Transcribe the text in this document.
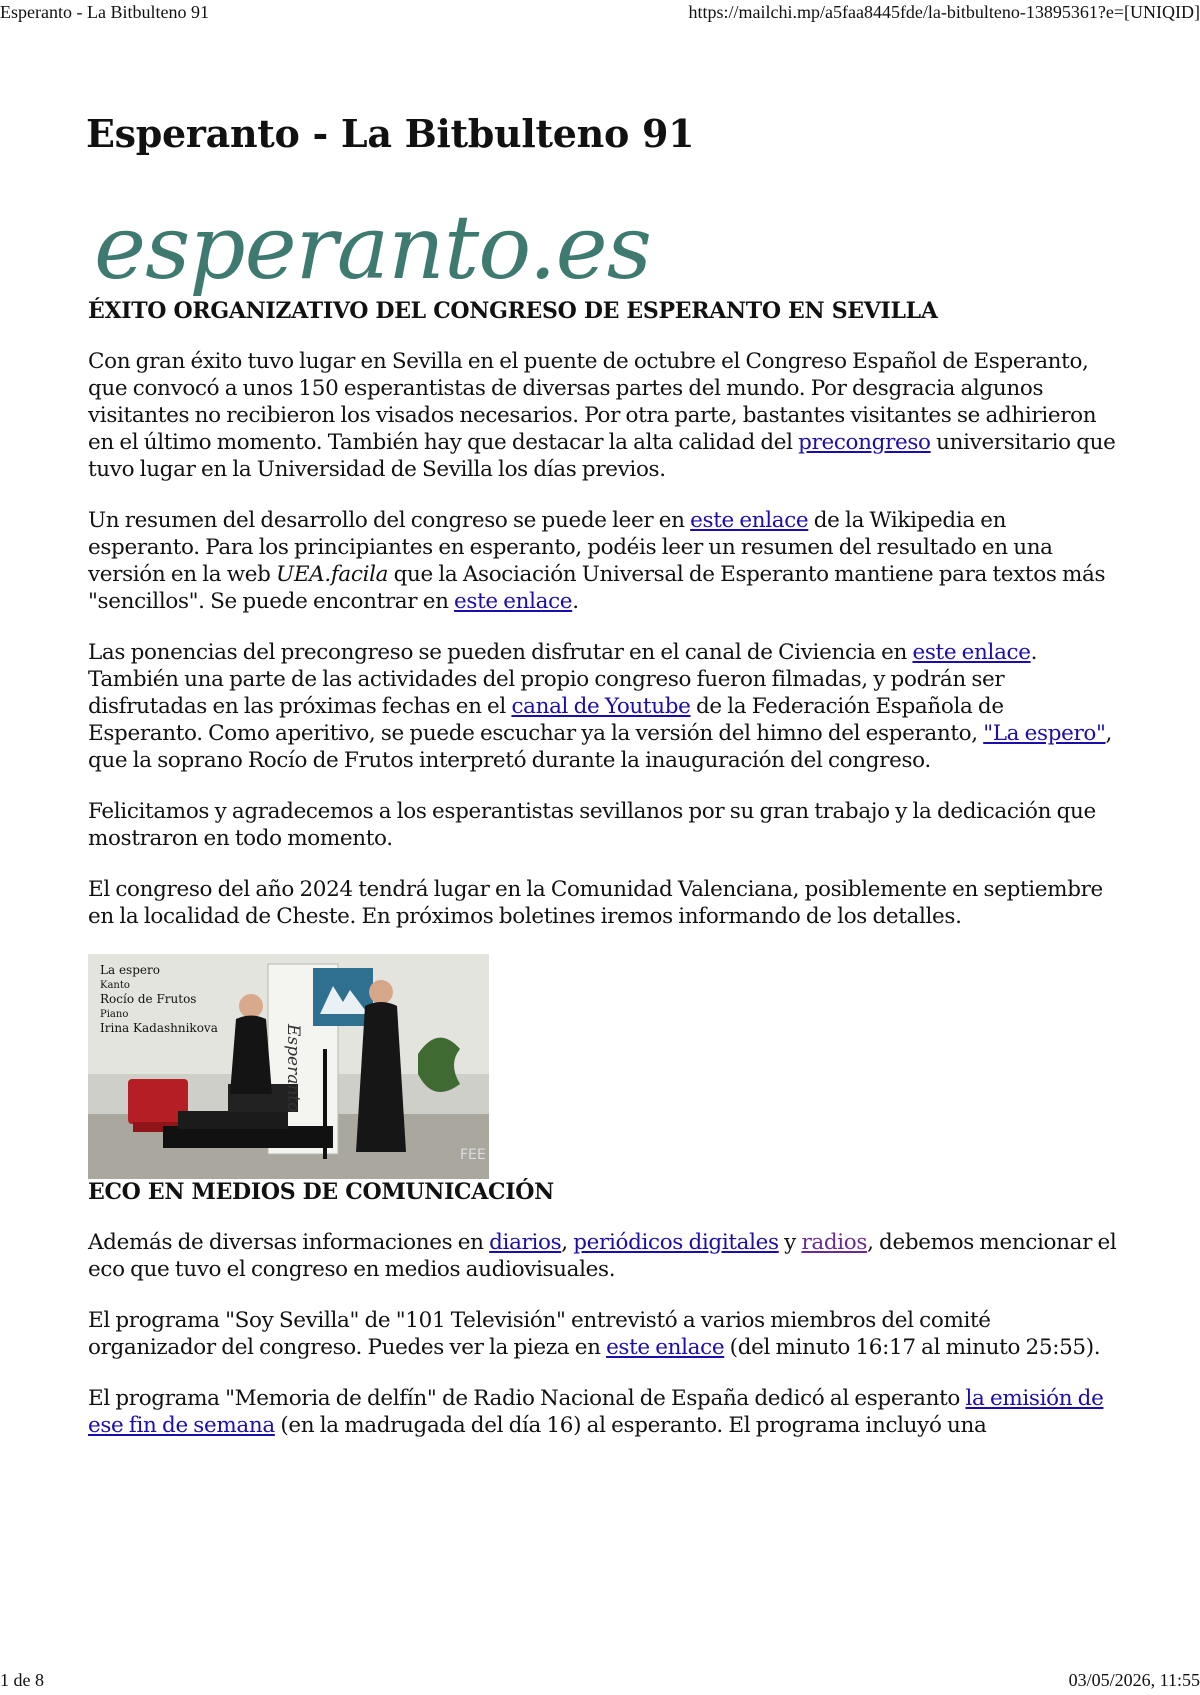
Esperanto - La Bitbulteno 91	https://mailchi.mp/a5faa8445fde/la-bitbulteno-13895361?e=[UNIQID]
Esperanto - La Bitbulteno 91
esperanto.es
ÉXITO ORGANIZATIVO DEL CONGRESO DE ESPERANTO EN SEVILLA

Con gran éxito tuvo lugar en Sevilla en el puente de octubre el Congreso Español de Esperanto, que convocó a unos 150 esperantistas de diversas partes del mundo. Por desgracia algunos visitantes no recibieron los visados necesarios. Por otra parte, bastantes visitantes se adhirieron en el último momento. También hay que destacar la alta calidad del precongreso universitario que tuvo lugar en la Universidad de Sevilla los días previos.

Un resumen del desarrollo del congreso se puede leer en este enlace de la Wikipedia en esperanto. Para los principiantes en esperanto, podéis leer un resumen del resultado en una versión en la web UEA.facila que la Asociación Universal de Esperanto mantiene para textos más "sencillos". Se puede encontrar en este enlace.

Las ponencias del precongreso se pueden disfrutar en el canal de Civiencia en este enlace. También una parte de las actividades del propio congreso fueron filmadas, y podrán ser disfrutadas en las próximas fechas en el canal de Youtube de la Federación Española de Esperanto. Como aperitivo, se puede escuchar ya la versión del himno del esperanto, "La espero", que la soprano Rocío de Frutos interpretó durante la inauguración del congreso.

Felicitamos y agradecemos a los esperantistas sevillanos por su gran trabajo y la dedicación que mostraron en todo momento.

El congreso del año 2024 tendrá lugar en la Comunidad Valenciana, posiblemente en septiembre en la localidad de Cheste. En próximos boletines iremos informando de los detalles.

La espero
Kanto
Rocío de Frutos
Piano
Irina Kadashnikova	Esperanto
FEE
ECO EN MEDIOS DE COMUNICACIÓN

Además de diversas informaciones en diarios, periódicos digitales y radios, debemos mencionar el eco que tuvo el congreso en medios audiovisuales.

El programa "Soy Sevilla" de "101 Televisión" entrevistó a varios miembros del comité organizador del congreso. Puedes ver la pieza en este enlace (del minuto 16:17 al minuto 25:55).

El programa "Memoria de delfín" de Radio Nacional de España dedicó al esperanto la emisión de ese fin de semana (en la madrugada del día 16) al esperanto. El programa incluyó una

1 de 8	03/05/2026, 11:55
